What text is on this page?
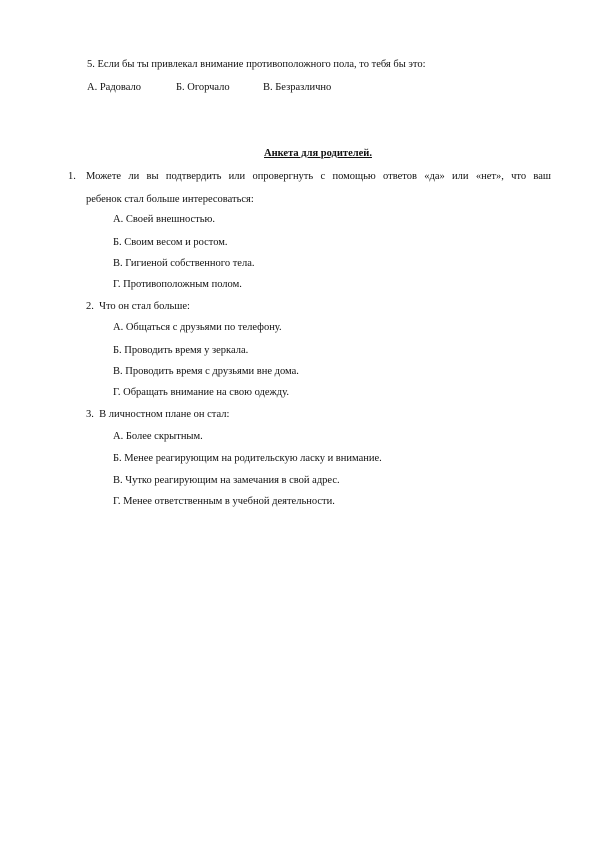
5. Если бы ты привлекал внимание противоположного пола, то тебя бы это:
А. Радовало	Б. Огорчало	В. Безразлично
Анкета для родителей.
1. Можете ли вы подтвердить или опровергнуть с помощью ответов «да» или «нет», что ваш
ребенок стал больше интересоваться:
А. Своей внешностью.
Б. Своим весом и ростом.
В. Гигиеной собственного тела.
Г. Противоположным полом.
2. Что он стал больше:
А. Общаться с друзьями по телефону.
Б. Проводить время у зеркала.
В. Проводить время с друзьями вне дома.
Г. Обращать внимание на свою одежду.
3. В личностном плане он стал:
А. Более скрытным.
Б. Менее реагирующим на родительскую ласку и внимание.
В. Чутко реагирующим на замечания в свой адрес.
Г. Менее ответственным в учебной деятельности.
